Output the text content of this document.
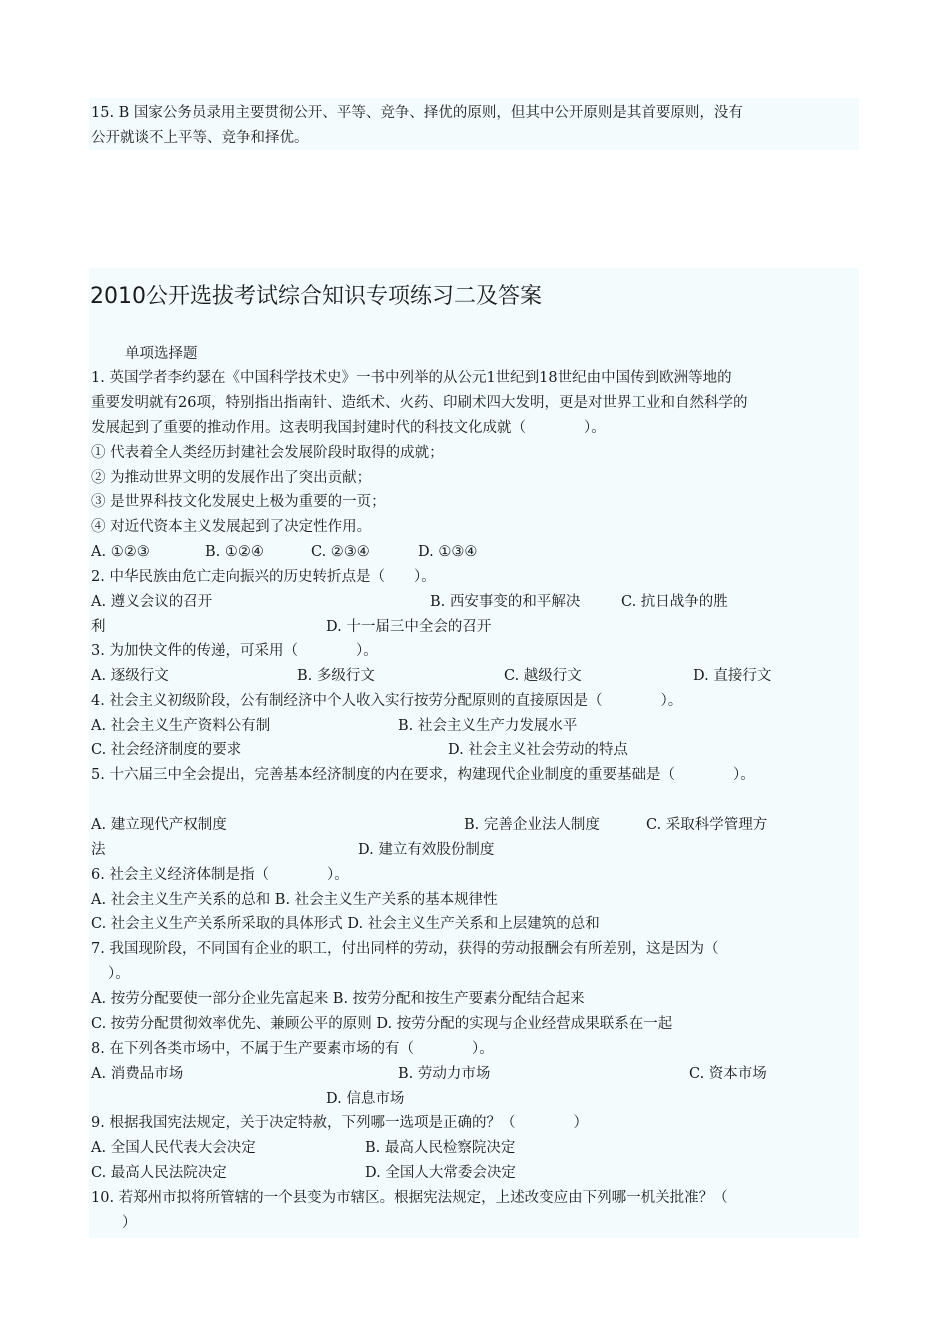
15. B 国家公务员录用主要贯彻公开、平等、竞争、择优的原则，但其中公开原则是其首要原则，没有
公开就谈不上平等、竞争和择优。
2010公开选拔考试综合知识专项练习二及答案
单项选择题
1. 英国学者李约瑟在《中国科学技术史》一书中列举的从公元1世纪到18世纪由中国传到欧洲等地的
重要发明就有26项，特别指出指南针、造纸术、火药、印刷术四大发明，更是对世界工业和自然科学的
发展起到了重要的推动作用。这表明我国封建时代的科技文化成就（　　　　）。
① 代表着全人类经历封建社会发展阶段时取得的成就；
② 为推动世界文明的发展作出了突出贡献；
③ 是世界科技文化发展史上极为重要的一页；
④ 对近代资本主义发展起到了决定性作用。
A. ①②③	B. ①②④	C. ②③④	D. ①③④
2. 中华民族由危亡走向振兴的历史转折点是（　　）。
A. 遵义会议的召开	B. 西安事变的和平解决	C. 抗日战争的胜
利	D. 十一届三中全会的召开
3. 为加快文件的传递，可采用（　　　　）。
A. 逐级行文	B. 多级行文	C. 越级行文	D. 直接行文
4. 社会主义初级阶段，公有制经济中个人收入实行按劳分配原则的直接原因是（　　　　）。
A. 社会主义生产资料公有制	B. 社会主义生产力发展水平
C. 社会经济制度的要求	D. 社会主义社会劳动的特点
5. 十六届三中全会提出，完善基本经济制度的内在要求，构建现代企业制度的重要基础是（　　　　）。
A. 建立现代产权制度	B. 完善企业法人制度	C. 采取科学管理方
法	D. 建立有效股份制度
6. 社会主义经济体制是指（　　　　）。
A. 社会主义生产关系的总和 B. 社会主义生产关系的基本规律性
C. 社会主义生产关系所采取的具体形式 D. 社会主义生产关系和上层建筑的总和
7. 我国现阶段，不同国有企业的职工，付出同样的劳动，获得的劳动报酬会有所差别，这是因为（
）。
A. 按劳分配要使一部分企业先富起来 B. 按劳分配和按生产要素分配结合起来
C. 按劳分配贯彻效率优先、兼顾公平的原则 D. 按劳分配的实现与企业经营成果联系在一起
8. 在下列各类市场中，不属于生产要素市场的有（　　　　）。
A. 消费品市场	B. 劳动力市场	C. 资本市场
D. 信息市场
9. 根据我国宪法规定，关于决定特赦，下列哪一选项是正确的？（　　　　）
A. 全国人民代表大会决定	B. 最高人民检察院决定
C. 最高人民法院决定	D. 全国人大常委会决定
10. 若郑州市拟将所管辖的一个县变为市辖区。根据宪法规定，上述改变应由下列哪一机关批准？（
）
